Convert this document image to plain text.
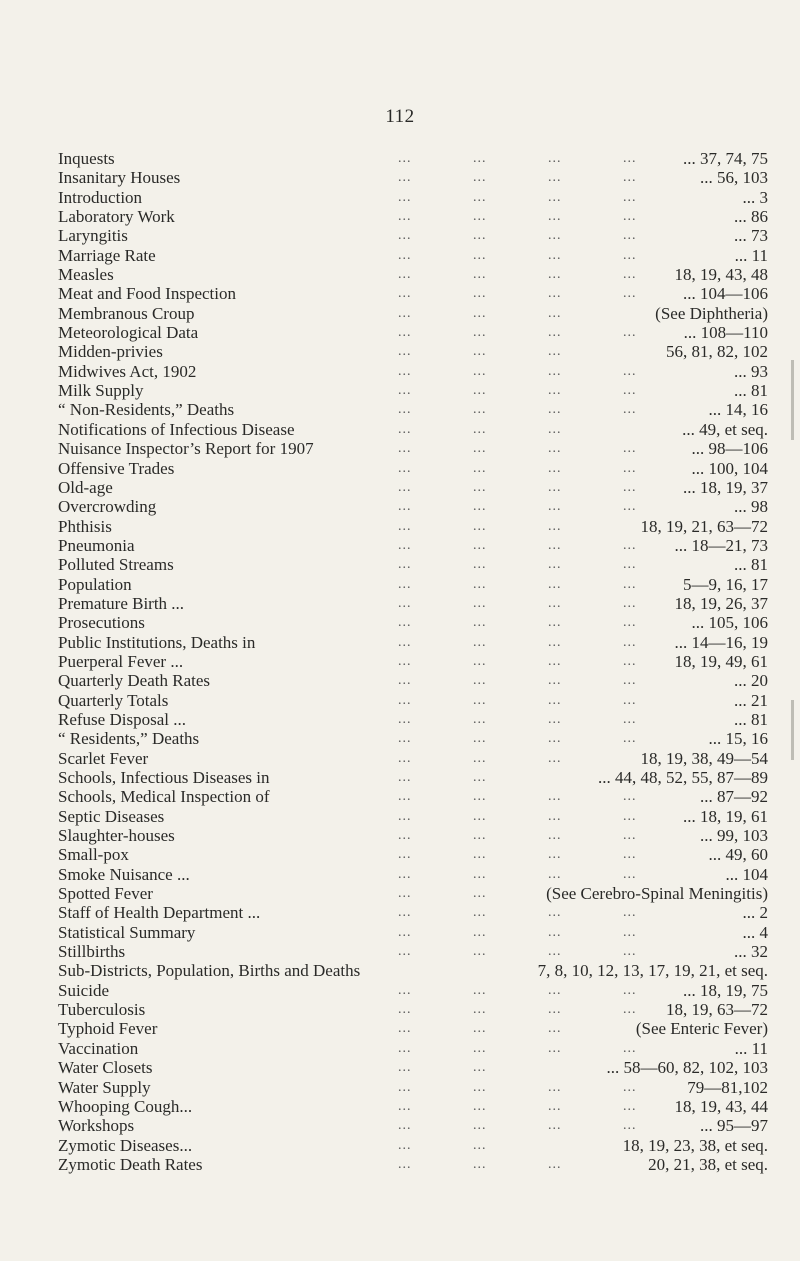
112
Inquests	...	...	...	...	... 37, 74, 75
Insanitary Houses	...	...	...	...	... 56, 103
Introduction	...	...	...	...	... 3
Laboratory Work	...	...	...	...	... 86
Laryngitis	...	...	...	...	... 73
Marriage Rate	...	...	...	...	... 11
Measles	...	...	...	... 18, 19, 43, 48
Meat and Food Inspection	...	...	...	...	... 104—106
Membranous Croup	...	...	...	(See Diphtheria)
Meteorological Data	...	...	...	...	... 108—110
Midden-privies	...	...	...	56, 81, 82, 102
Midwives Act, 1902	...	...	...	...	... 93
Milk Supply	...	...	...	...	... 81
“ Non-Residents,” Deaths	...	...	...	...	... 14, 16
Notifications of Infectious Disease	...	...	...	... 49, et seq.
Nuisance Inspector’s Report for 1907	...	...	...	...	... 98—106
Offensive Trades	...	...	...	...	... 100, 104
Old-age	...	...	...	...	... 18, 19, 37
Overcrowding	...	...	...	...	... 98
Phthisis	...	...	...	18, 19, 21, 63—72
Pneumonia	...	...	...	... ... 18—21, 73
Polluted Streams	...	...	...	...	... 81
Population	...	...	...	...	5—9, 16, 17
Premature Birth ...	...	...	...	... 18, 19, 26, 37
Prosecutions	...	...	...	...	... 105, 106
Public Institutions, Deaths in	...	...	...	... ... 14—16, 19
Puerperal Fever ...	...	...	...	... 18, 19, 49, 61
Quarterly Death Rates	...	...	...	...	... 20
Quarterly Totals	...	...	...	...	... 21
Refuse Disposal ...	...	...	...	...	... 81
“ Residents,” Deaths	...	...	...	...	... 15, 16
Scarlet Fever	...	...	...	18, 19, 38, 49—54
Schools, Infectious Diseases in	...	...	... 44, 48, 52, 55, 87—89
Schools, Medical Inspection of	...	...	...	...	... 87—92
Septic Diseases	...	...	...	...	... 18, 19, 61
Slaughter-houses	...	...	...	...	... 99, 103
Small-pox	...	...	...	...	... 49, 60
Smoke Nuisance ...	...	...	...	...	... 104
Spotted Fever	...	...	(See Cerebro-Spinal Meningitis)
Staff of Health Department ...	...	...	...	...	... 2
Statistical Summary	...	...	...	...	... 4
Stillbirths	...	...	...	...	... 32
Sub-Districts, Population, Births and Deaths	7, 8, 10, 12, 13, 17, 19, 21, et seq.
Suicide	...	...	...	...	... 18, 19, 75
Tuberculosis	...	...	...	... 18, 19, 63—72
Typhoid Fever	...	...	...	(See Enteric Fever)
Vaccination	...	...	...	...	... 11
Water Closets	...	...	... 58—60, 82, 102, 103
Water Supply	...	...	...	...	79—81,102
Whooping Cough...	...	...	...	... 18, 19, 43, 44
Workshops	...	...	...	...	... 95—97
Zymotic Diseases...	...	...	18, 19, 23, 38, et seq.
Zymotic Death Rates	...	...	...	20, 21, 38, et seq.
